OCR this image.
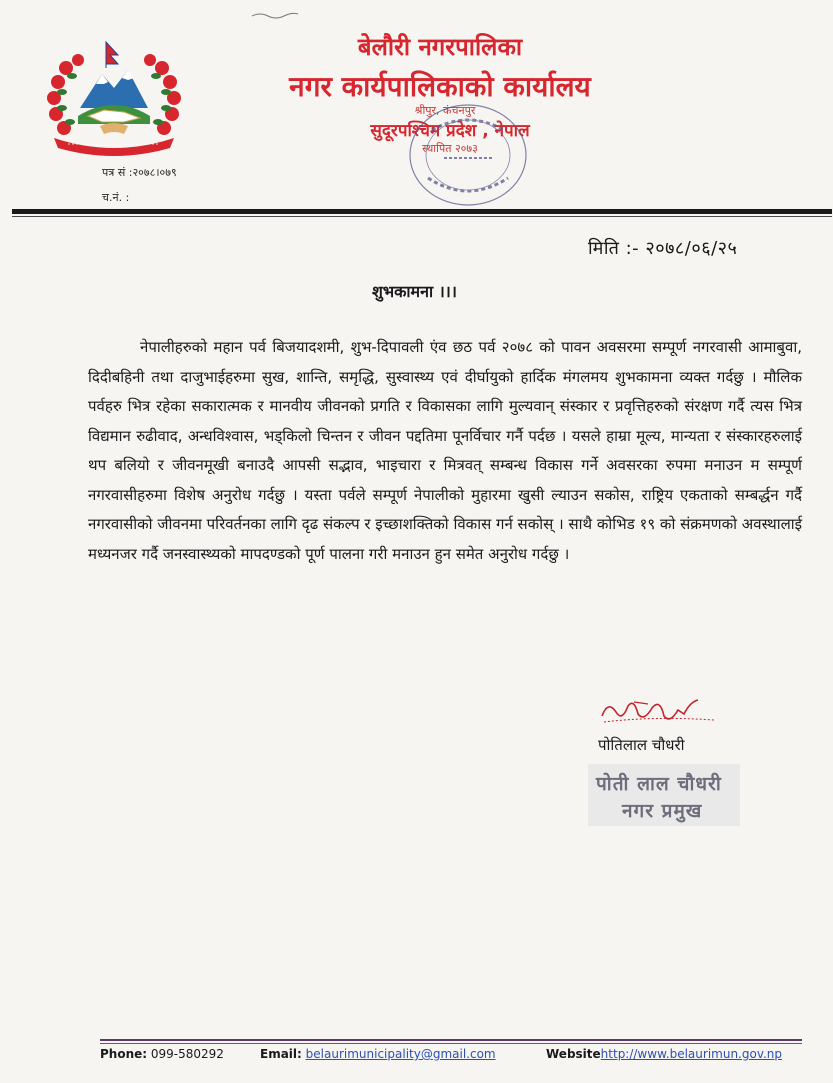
बेलौरी नगरपालिका
नगर कार्यपालिकाको कार्यालय
श्रीपुर, कंचनपुर
सुदूरपश्चिम प्रदेश , नेपाल
स्थापित २०७३
पत्र सं :२०७८।०७९
च.नं. :
मिति :- २०७८/०६/२५
शुभकामना ।।।
नेपालीहरुको महान पर्व बिजयादशमी, शुभ-दिपावली एंव छठ पर्व २०७८ को पावन अवसरमा सम्पूर्ण नगरवासी आमाबुवा, दिदीबहिनी तथा दाजुभाईहरुमा सुख, शान्ति, समृद्धि, सुस्वास्थ्य एवं दीर्घायुको हार्दिक मंगलमय शुभकामना व्यक्त गर्दछु । मौलिक पर्वहरु भित्र रहेका सकारात्मक र मानवीय जीवनको प्रगति र विकासका लागि मुल्यवान् संस्कार र प्रवृत्तिहरुको संरक्षण गर्दै त्यस भित्र विद्यमान रुढीवाद, अन्धविश्वास, भड्किलो चिन्तन र जीवन पद्दतिमा पूनर्विचार गर्नै पर्दछ । यसले हाम्रा मूल्य, मान्यता र संस्कारहरुलाई थप बलियो र जीवनमूखी बनाउदै आपसी सद्भाव, भाइचारा र मित्रवत् सम्बन्ध विकास गर्ने अवसरका रुपमा मनाउन म सम्पूर्ण नगरवासीहरुमा विशेष अनुरोध गर्दछु । यस्ता पर्वले सम्पूर्ण नेपालीको मुहारमा खुसी ल्याउन सकोस, राष्ट्रिय एकताको सम्बर्द्धन गर्दै नगरवासीको जीवनमा परिवर्तनका लागि दृढ संकल्प र इच्छाशक्तिको विकास गर्न सकोस् । साथै कोभिड १९ को संक्रमणको अवस्थालाई मध्यनजर गर्दै जनस्वास्थ्यको मापदण्डको पूर्ण पालना गरी मनाउन हुन समेत अनुरोध गर्दछु ।
पोतिलाल चौधरी
पोती लाल चौधरी
नगर प्रमुख
Phone: 099-580292	Email: belaurimunicipality@gmail.com	Websitehttp://www.belaurimun.gov.np
